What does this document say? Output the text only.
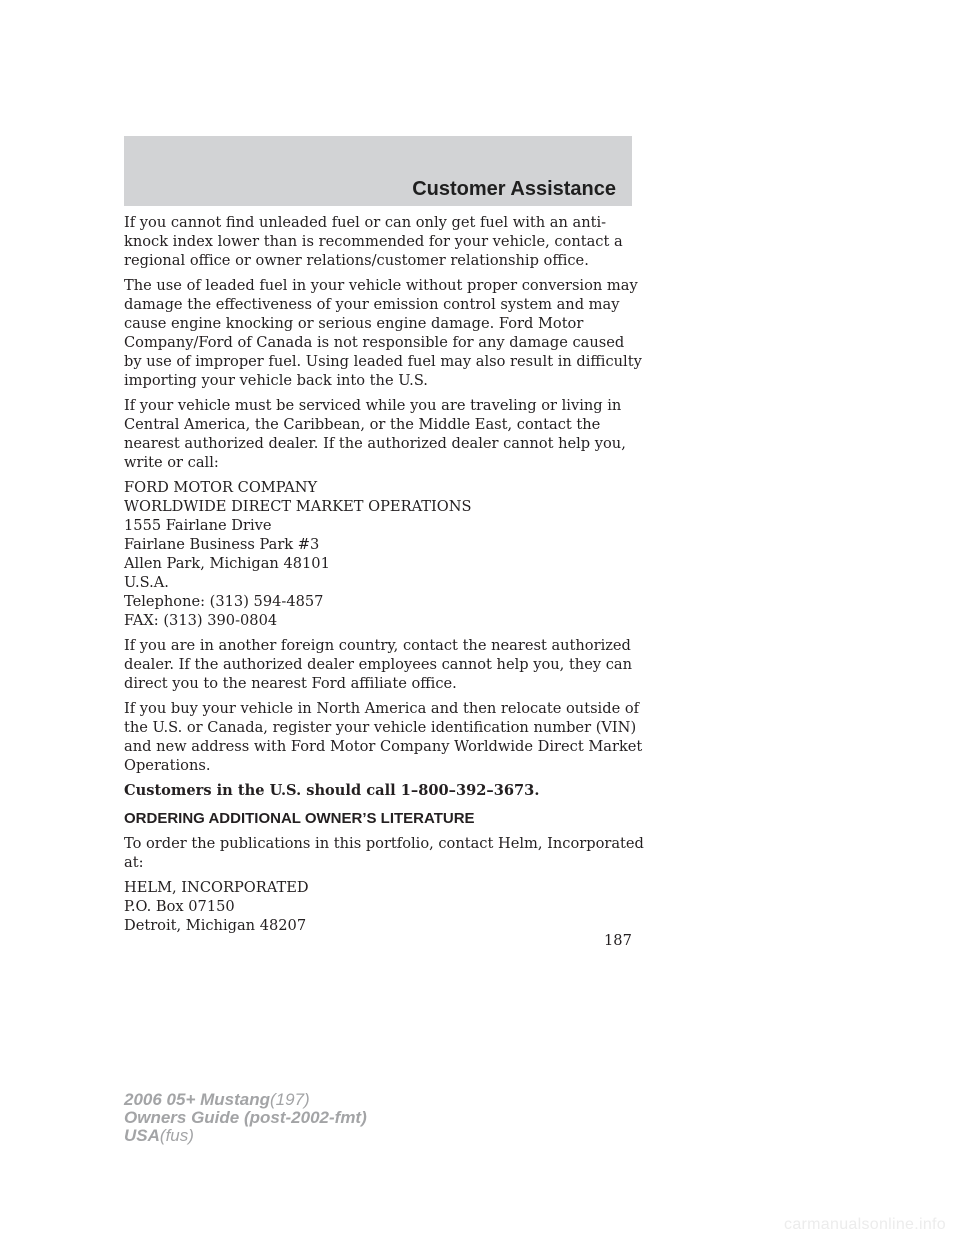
Customer Assistance

If you cannot find unleaded fuel or can only get fuel with an anti-knock index lower than is recommended for your vehicle, contact a regional office or owner relations/customer relationship office.

The use of leaded fuel in your vehicle without proper conversion may damage the effectiveness of your emission control system and may cause engine knocking or serious engine damage. Ford Motor Company/Ford of Canada is not responsible for any damage caused by use of improper fuel. Using leaded fuel may also result in difficulty importing your vehicle back into the U.S.

If your vehicle must be serviced while you are traveling or living in Central America, the Caribbean, or the Middle East, contact the nearest authorized dealer. If the authorized dealer cannot help you, write or call:

FORD MOTOR COMPANY
WORLDWIDE DIRECT MARKET OPERATIONS
1555 Fairlane Drive
Fairlane Business Park #3
Allen Park, Michigan 48101
U.S.A.
Telephone: (313) 594-4857
FAX: (313) 390-0804

If you are in another foreign country, contact the nearest authorized dealer. If the authorized dealer employees cannot help you, they can direct you to the nearest Ford affiliate office.

If you buy your vehicle in North America and then relocate outside of the U.S. or Canada, register your vehicle identification number (VIN) and new address with Ford Motor Company Worldwide Direct Market Operations.

Customers in the U.S. should call 1–800–392–3673.

ORDERING ADDITIONAL OWNER’S LITERATURE

To order the publications in this portfolio, contact Helm, Incorporated at:

HELM, INCORPORATED
P.O. Box 07150
Detroit, Michigan 48207

187
2006 05+ Mustang(197)
Owners Guide (post-2002-fmt)
USA(fus)
carmanualsonline.info
